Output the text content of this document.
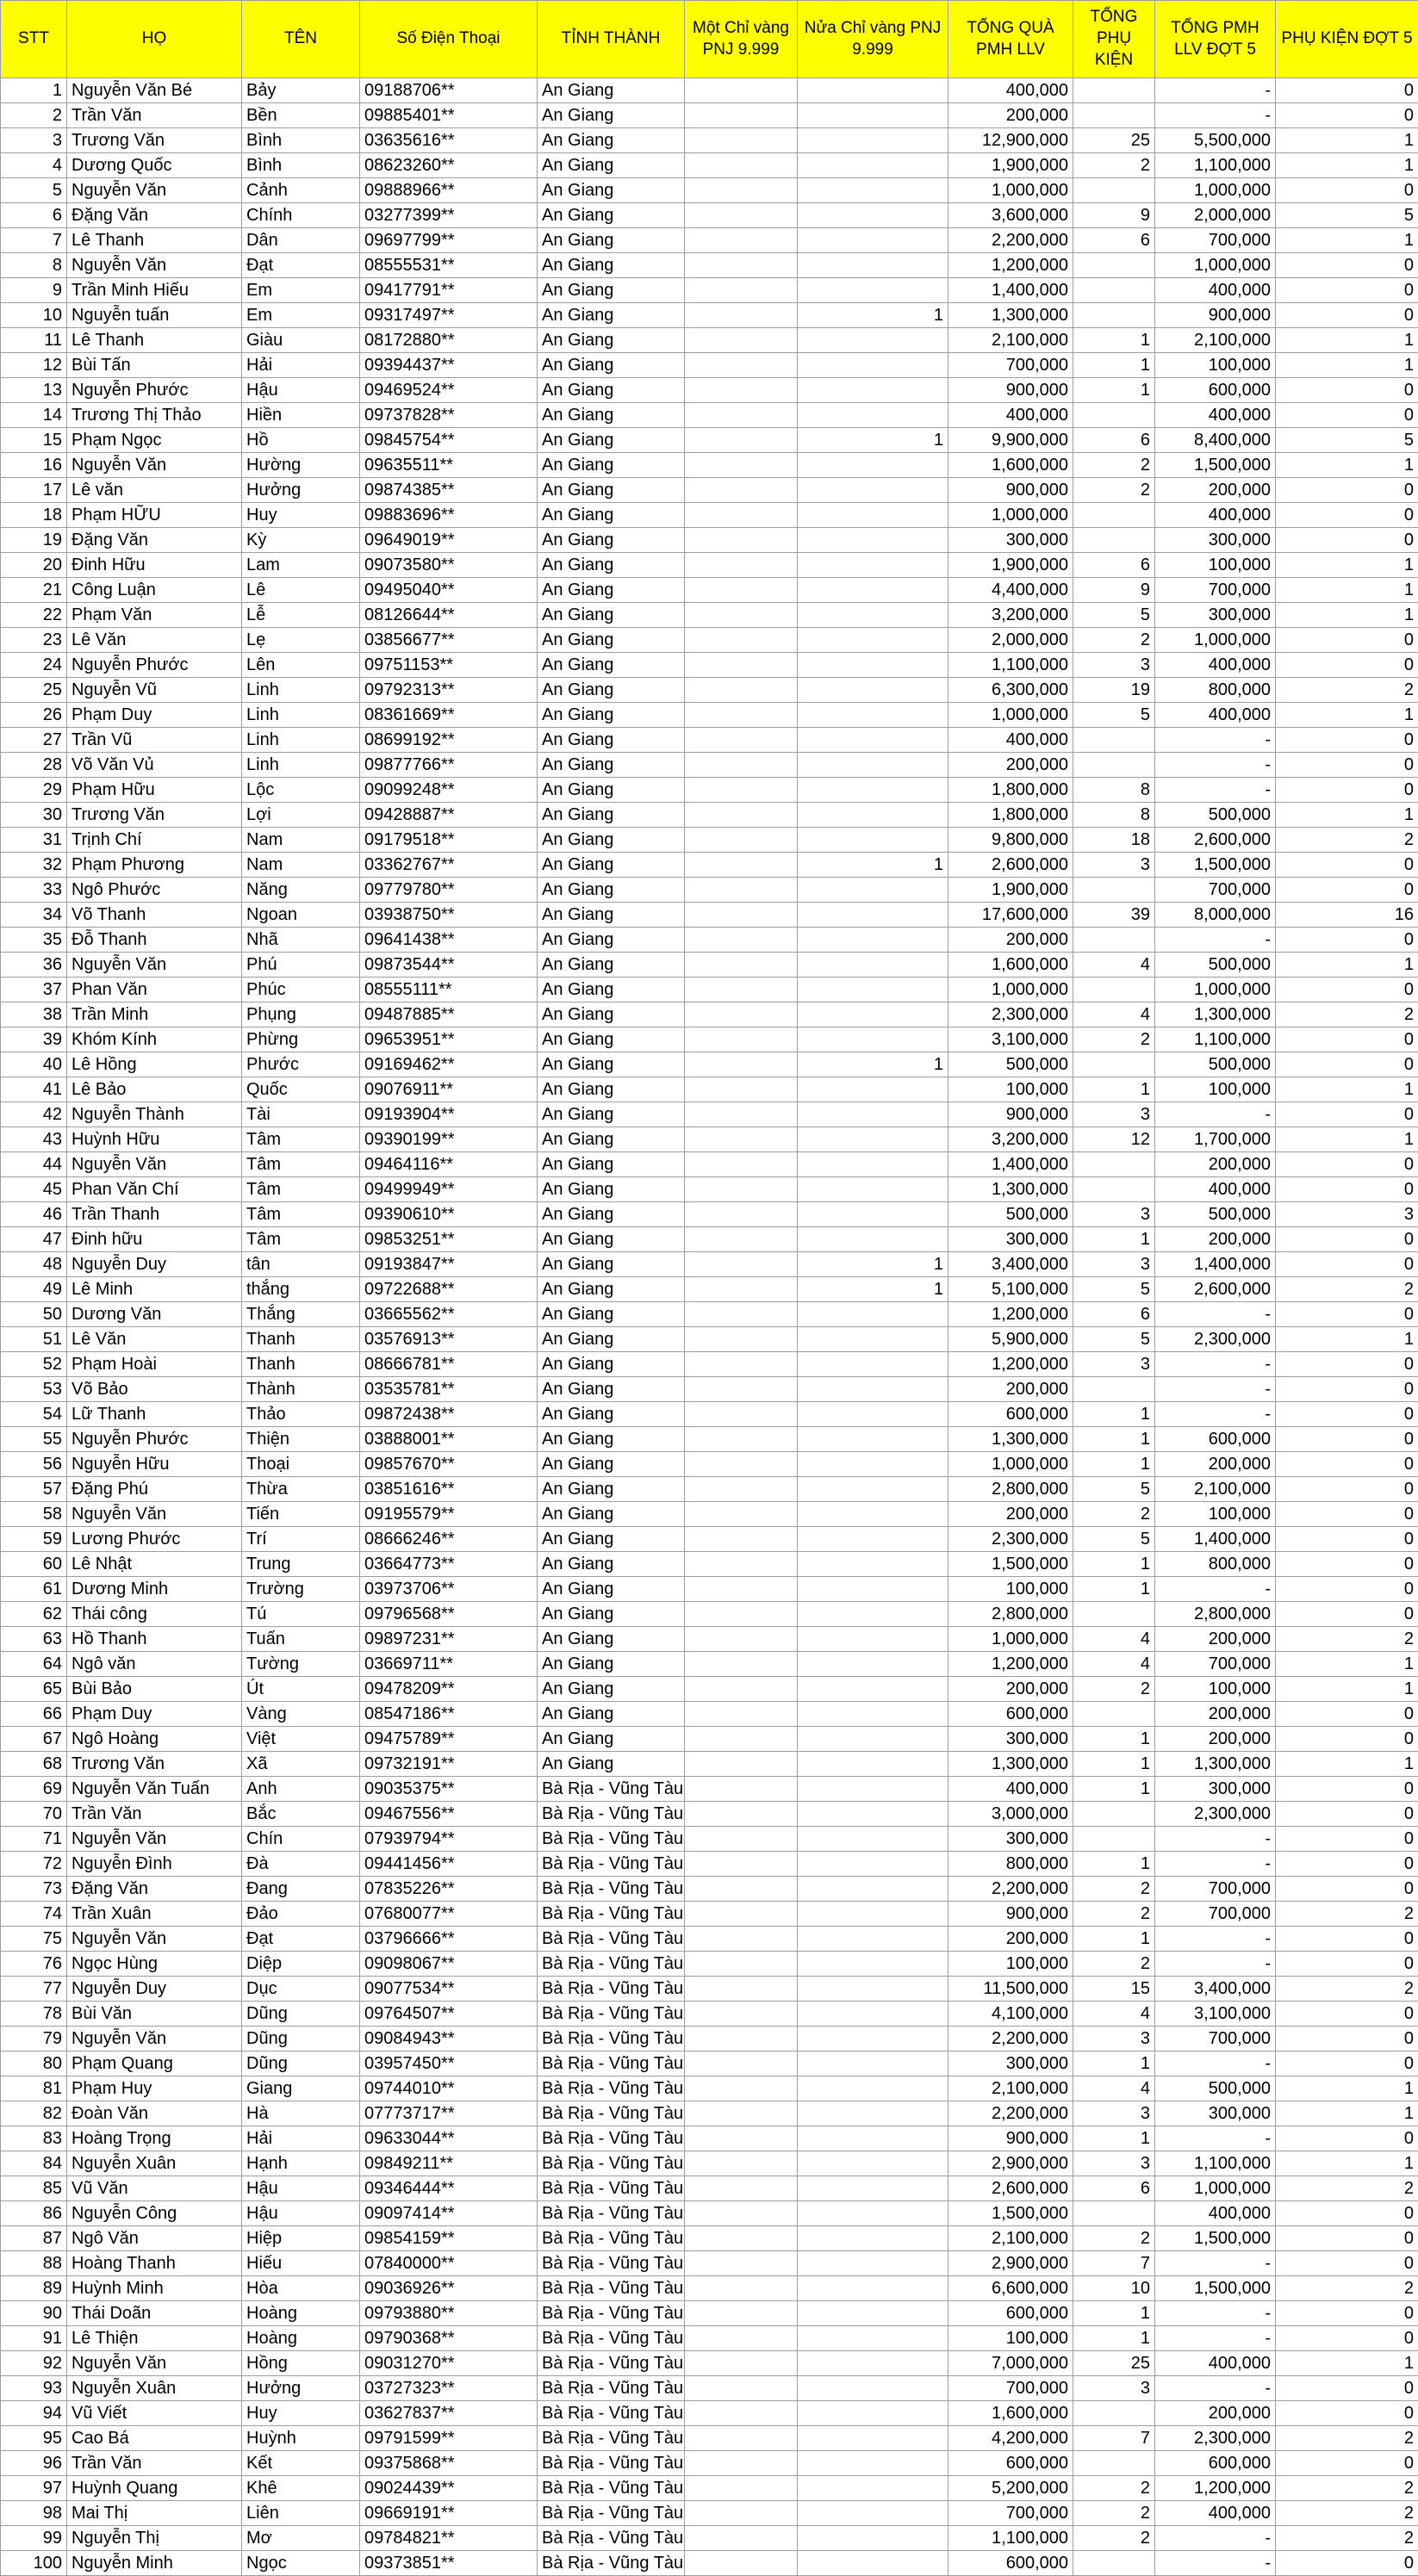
STT	HỌ	TÊN	Số Điện Thoại	TỈNH THÀNH	Một Chỉ vàng PNJ 9.999	Nửa Chỉ vàng PNJ 9.999	TỔNG QUÀ PMH LLV	TỔNG PHỤ KIỆN	TỔNG PMH LLV ĐỢT 5	PHỤ KIỆN ĐỢT 5
1	Nguyễn Văn Bé	Bảy	09188706**	An Giang			400,000		-	0
2	Trần Văn	Bền	09885401**	An Giang			200,000		-	0
3	Trương Văn	Bình	03635616**	An Giang			12,900,000	25	5,500,000	1
4	Dương Quốc	Bình	08623260**	An Giang			1,900,000	2	1,100,000	1
5	Nguyễn Văn	Cảnh	09888966**	An Giang			1,000,000		1,000,000	0
6	Đặng Văn	Chính	03277399**	An Giang			3,600,000	9	2,000,000	5
7	Lê Thanh	Dân	09697799**	An Giang			2,200,000	6	700,000	1
8	Nguyễn Văn	Đạt	08555531**	An Giang			1,200,000		1,000,000	0
9	Trần Minh Hiếu	Em	09417791**	An Giang			1,400,000		400,000	0
10	Nguyễn tuấn	Em	09317497**	An Giang		1	1,300,000		900,000	0
11	Lê Thanh	Giàu	08172880**	An Giang			2,100,000	1	2,100,000	1
12	Bùi Tấn	Hải	09394437**	An Giang			700,000	1	100,000	1
13	Nguyễn Phước	Hậu	09469524**	An Giang			900,000	1	600,000	0
14	Trương Thị Thảo	Hiền	09737828**	An Giang			400,000		400,000	0
15	Phạm Ngọc	Hồ	09845754**	An Giang		1	9,900,000	6	8,400,000	5
16	Nguyễn Văn	Hường	09635511**	An Giang			1,600,000	2	1,500,000	1
17	Lê văn	Hưởng	09874385**	An Giang			900,000	2	200,000	0
18	Phạm HỮU	Huy	09883696**	An Giang			1,000,000		400,000	0
19	Đặng Văn	Kỳ	09649019**	An Giang			300,000		300,000	0
20	Đinh Hữu	Lam	09073580**	An Giang			1,900,000	6	100,000	1
21	Công Luận	Lê	09495040**	An Giang			4,400,000	9	700,000	1
22	Phạm Văn	Lễ	08126644**	An Giang			3,200,000	5	300,000	1
23	Lê Văn	Lẹ	03856677**	An Giang			2,000,000	2	1,000,000	0
24	Nguyễn Phước	Lên	09751153**	An Giang			1,100,000	3	400,000	0
25	Nguyễn Vũ	Linh	09792313**	An Giang			6,300,000	19	800,000	2
26	Phạm Duy	Linh	08361669**	An Giang			1,000,000	5	400,000	1
27	Trần Vũ	Linh	08699192**	An Giang			400,000		-	0
28	Võ Văn Vủ	Linh	09877766**	An Giang			200,000		-	0
29	Phạm Hữu	Lộc	09099248**	An Giang			1,800,000	8	-	0
30	Trương Văn	Lợi	09428887**	An Giang			1,800,000	8	500,000	1
31	Trịnh Chí	Nam	09179518**	An Giang			9,800,000	18	2,600,000	2
32	Phạm Phương	Nam	03362767**	An Giang		1	2,600,000	3	1,500,000	0
33	Ngô Phước	Năng	09779780**	An Giang			1,900,000		700,000	0
34	Võ Thanh	Ngoan	03938750**	An Giang			17,600,000	39	8,000,000	16
35	Đỗ Thanh	Nhã	09641438**	An Giang			200,000		-	0
36	Nguyễn Văn	Phú	09873544**	An Giang			1,600,000	4	500,000	1
37	Phan Văn	Phúc	08555111**	An Giang			1,000,000		1,000,000	0
38	Trần Minh	Phụng	09487885**	An Giang			2,300,000	4	1,300,000	2
39	Khóm Kính	Phừng	09653951**	An Giang			3,100,000	2	1,100,000	0
40	Lê Hồng	Phước	09169462**	An Giang		1	500,000		500,000	0
41	Lê Bảo	Quốc	09076911**	An Giang			100,000	1	100,000	1
42	Nguyễn Thành	Tài	09193904**	An Giang			900,000	3	-	0
43	Huỳnh Hữu	Tâm	09390199**	An Giang			3,200,000	12	1,700,000	1
44	Nguyễn Văn	Tâm	09464116**	An Giang			1,400,000		200,000	0
45	Phan Văn Chí	Tâm	09499949**	An Giang			1,300,000		400,000	0
46	Trần Thanh	Tâm	09390610**	An Giang			500,000	3	500,000	3
47	Đinh hữu	Tâm	09853251**	An Giang			300,000	1	200,000	0
48	Nguyễn Duy	tân	09193847**	An Giang		1	3,400,000	3	1,400,000	0
49	Lê Minh	thắng	09722688**	An Giang		1	5,100,000	5	2,600,000	2
50	Dương Văn	Thắng	03665562**	An Giang			1,200,000	6	-	0
51	Lê Văn	Thanh	03576913**	An Giang			5,900,000	5	2,300,000	1
52	Phạm Hoài	Thanh	08666781**	An Giang			1,200,000	3	-	0
53	Võ Bảo	Thành	03535781**	An Giang			200,000		-	0
54	Lữ Thanh	Thảo	09872438**	An Giang			600,000	1	-	0
55	Nguyễn Phước	Thiện	03888001**	An Giang			1,300,000	1	600,000	0
56	Nguyễn Hữu	Thoại	09857670**	An Giang			1,000,000	1	200,000	0
57	Đặng Phú	Thừa	03851616**	An Giang			2,800,000	5	2,100,000	0
58	Nguyễn Văn	Tiến	09195579**	An Giang			200,000	2	100,000	0
59	Lương Phước	Trí	08666246**	An Giang			2,300,000	5	1,400,000	0
60	Lê Nhật	Trung	03664773**	An Giang			1,500,000	1	800,000	0
61	Dương Minh	Trường	03973706**	An Giang			100,000	1	-	0
62	Thái công	Tú	09796568**	An Giang			2,800,000		2,800,000	0
63	Hồ Thanh	Tuấn	09897231**	An Giang			1,000,000	4	200,000	2
64	Ngô văn	Tường	03669711**	An Giang			1,200,000	4	700,000	1
65	Bùi Bảo	Út	09478209**	An Giang			200,000	2	100,000	1
66	Phạm Duy	Vàng	08547186**	An Giang			600,000		200,000	0
67	Ngô Hoàng	Việt	09475789**	An Giang			300,000	1	200,000	0
68	Trương Văn	Xã	09732191**	An Giang			1,300,000	1	1,300,000	1
69	Nguyễn Văn Tuấn	Anh	09035375**	Bà Rịa - Vũng Tàu			400,000	1	300,000	0
70	Trần Văn	Bắc	09467556**	Bà Rịa - Vũng Tàu			3,000,000		2,300,000	0
71	Nguyễn Văn	Chín	07939794**	Bà Rịa - Vũng Tàu			300,000		-	0
72	Nguyễn Đình	Đà	09441456**	Bà Rịa - Vũng Tàu			800,000	1	-	0
73	Đặng Văn	Đang	07835226**	Bà Rịa - Vũng Tàu			2,200,000	2	700,000	0
74	Trần Xuân	Đảo	07680077**	Bà Rịa - Vũng Tàu			900,000	2	700,000	2
75	Nguyễn Văn	Đạt	03796666**	Bà Rịa - Vũng Tàu			200,000	1	-	0
76	Ngọc Hùng	Diệp	09098067**	Bà Rịa - Vũng Tàu			100,000	2	-	0
77	Nguyễn Duy	Dục	09077534**	Bà Rịa - Vũng Tàu			11,500,000	15	3,400,000	2
78	Bùi Văn	Dũng	09764507**	Bà Rịa - Vũng Tàu			4,100,000	4	3,100,000	0
79	Nguyễn Văn	Dũng	09084943**	Bà Rịa - Vũng Tàu			2,200,000	3	700,000	0
80	Phạm Quang	Dũng	03957450**	Bà Rịa - Vũng Tàu			300,000	1	-	0
81	Phạm Huy	Giang	09744010**	Bà Rịa - Vũng Tàu			2,100,000	4	500,000	1
82	Đoàn Văn	Hà	07773717**	Bà Rịa - Vũng Tàu			2,200,000	3	300,000	1
83	Hoàng Trọng	Hải	09633044**	Bà Rịa - Vũng Tàu			900,000	1	-	0
84	Nguyễn Xuân	Hạnh	09849211**	Bà Rịa - Vũng Tàu			2,900,000	3	1,100,000	1
85	Vũ Văn	Hậu	09346444**	Bà Rịa - Vũng Tàu			2,600,000	6	1,000,000	2
86	Nguyễn Công	Hậu	09097414**	Bà Rịa - Vũng Tàu			1,500,000		400,000	0
87	Ngô Văn	Hiệp	09854159**	Bà Rịa - Vũng Tàu			2,100,000	2	1,500,000	0
88	Hoàng Thanh	Hiếu	07840000**	Bà Rịa - Vũng Tàu			2,900,000	7	-	0
89	Huỳnh Minh	Hòa	09036926**	Bà Rịa - Vũng Tàu			6,600,000	10	1,500,000	2
90	Thái Doãn	Hoàng	09793880**	Bà Rịa - Vũng Tàu			600,000	1	-	0
91	Lê Thiện	Hoàng	09790368**	Bà Rịa - Vũng Tàu			100,000	1	-	0
92	Nguyễn Văn	Hồng	09031270**	Bà Rịa - Vũng Tàu			7,000,000	25	400,000	1
93	Nguyễn Xuân	Hưởng	03727323**	Bà Rịa - Vũng Tàu			700,000	3	-	0
94	Vũ Viết	Huy	03627837**	Bà Rịa - Vũng Tàu			1,600,000		200,000	0
95	Cao Bá	Huỳnh	09791599**	Bà Rịa - Vũng Tàu			4,200,000	7	2,300,000	2
96	Trần Văn	Kết	09375868**	Bà Rịa - Vũng Tàu			600,000		600,000	0
97	Huỳnh Quang	Khê	09024439**	Bà Rịa - Vũng Tàu			5,200,000	2	1,200,000	2
98	Mai Thị	Liên	09669191**	Bà Rịa - Vũng Tàu			700,000	2	400,000	2
99	Nguyễn Thị	Mơ	09784821**	Bà Rịa - Vũng Tàu			1,100,000	2	-	2
100	Nguyễn Minh	Ngọc	09373851**	Bà Rịa - Vũng Tàu			600,000		-	0
